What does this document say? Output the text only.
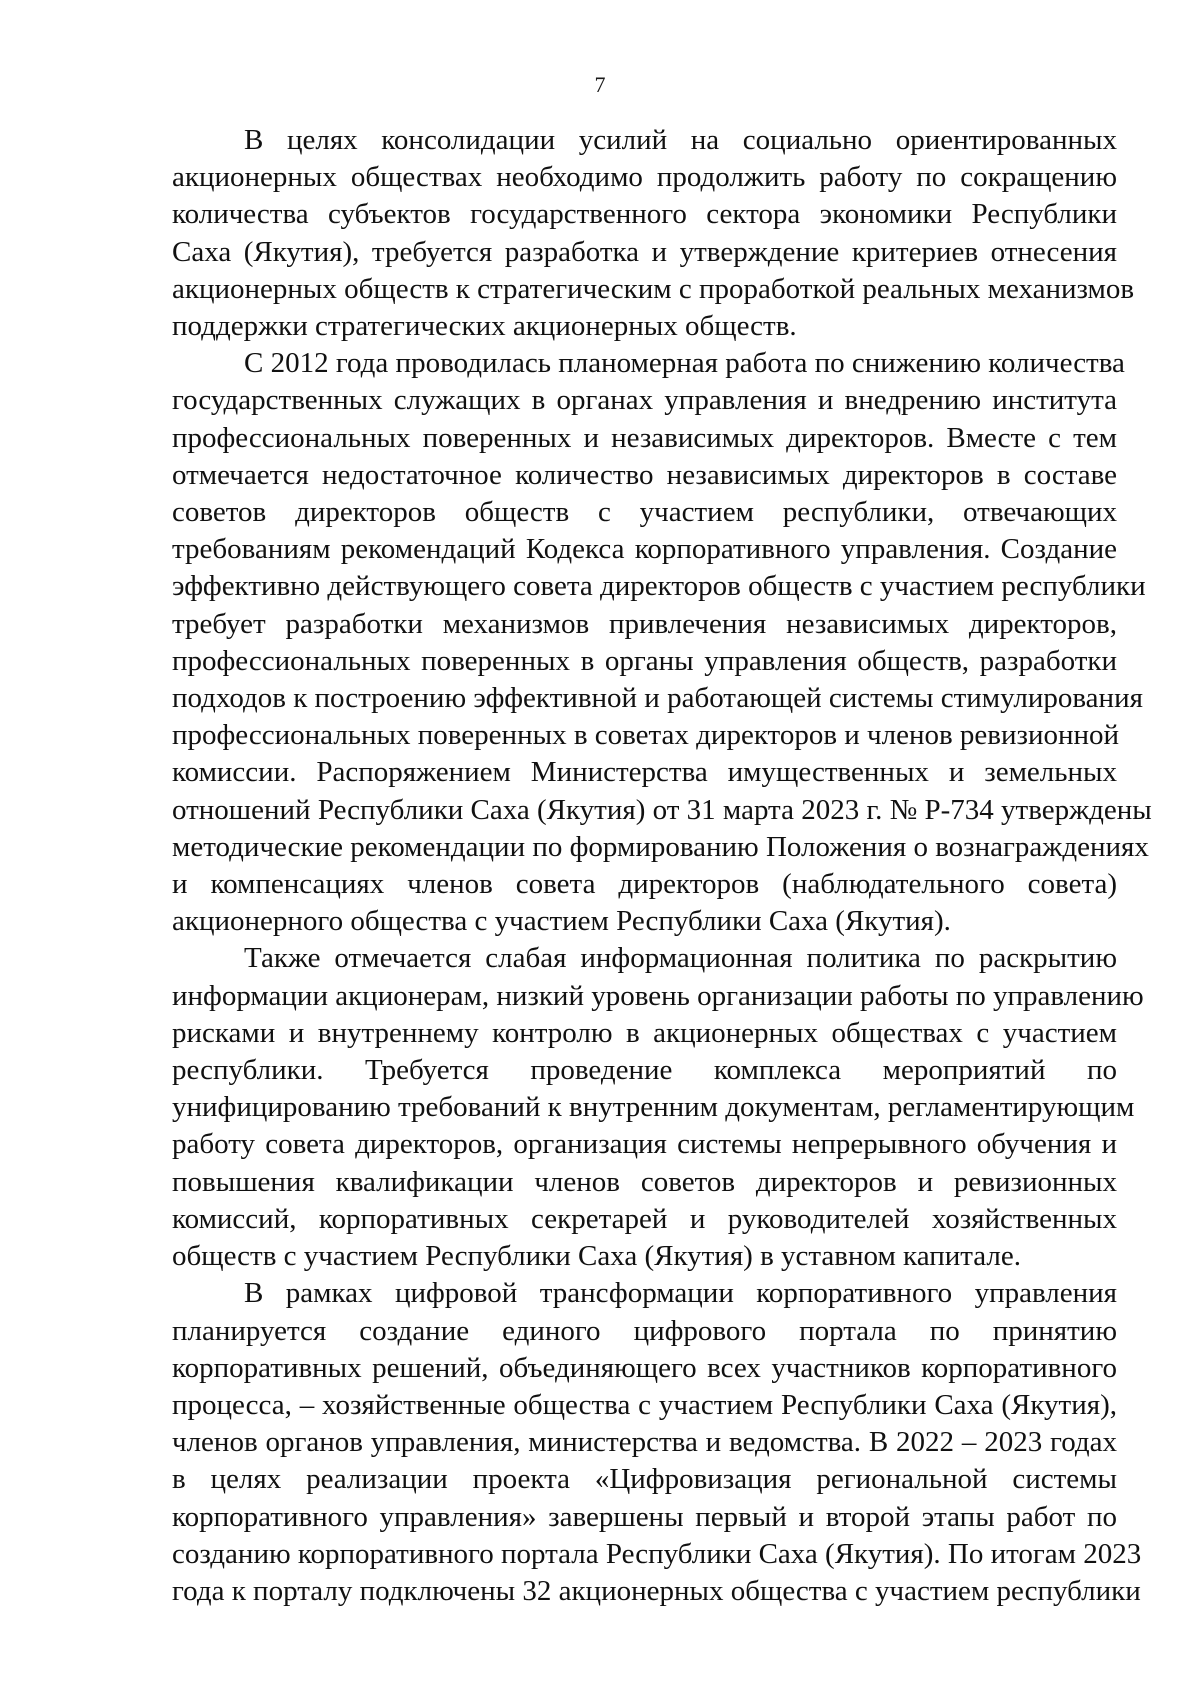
7
В целях консолидации усилий на социально ориентированных
акционерных обществах необходимо продолжить работу по сокращению
количества субъектов государственного сектора экономики Республики
Саха (Якутия), требуется разработка и утверждение критериев отнесения
акционерных обществ к стратегическим с проработкой реальных механизмов
поддержки стратегических акционерных обществ.
С 2012 года проводилась планомерная работа по снижению количества
государственных служащих в органах управления и внедрению института
профессиональных поверенных и независимых директоров. Вместе с тем
отмечается недостаточное количество независимых директоров в составе
советов директоров обществ с участием республики, отвечающих
требованиям рекомендаций Кодекса корпоративного управления. Создание
эффективно действующего совета директоров обществ с участием республики
требует разработки механизмов привлечения независимых директоров,
профессиональных поверенных в органы управления обществ, разработки
подходов к построению эффективной и работающей системы стимулирования
профессиональных поверенных в советах директоров и членов ревизионной
комиссии. Распоряжением Министерства имущественных и земельных
отношений Республики Саха (Якутия) от 31 марта 2023 г. № Р-734 утверждены
методические рекомендации по формированию Положения о вознаграждениях
и компенсациях членов совета директоров (наблюдательного совета)
акционерного общества с участием Республики Саха (Якутия).
Также отмечается слабая информационная политика по раскрытию
информации акционерам, низкий уровень организации работы по управлению
рисками и внутреннему контролю в акционерных обществах с участием
республики. Требуется проведение комплекса мероприятий по
унифицированию требований к внутренним документам, регламентирующим
работу совета директоров, организация системы непрерывного обучения и
повышения квалификации членов советов директоров и ревизионных
комиссий, корпоративных секретарей и руководителей хозяйственных
обществ с участием Республики Саха (Якутия) в уставном капитале.
В рамках цифровой трансформации корпоративного управления
планируется создание единого цифрового портала по принятию
корпоративных решений, объединяющего всех участников корпоративного
процесса, – хозяйственные общества с участием Республики Саха (Якутия),
членов органов управления, министерства и ведомства. В 2022 – 2023 годах
в целях реализации проекта «Цифровизация региональной системы
корпоративного управления» завершены первый и второй этапы работ по
созданию корпоративного портала Республики Саха (Якутия). По итогам 2023
года к порталу подключены 32 акционерных общества с участием республики
